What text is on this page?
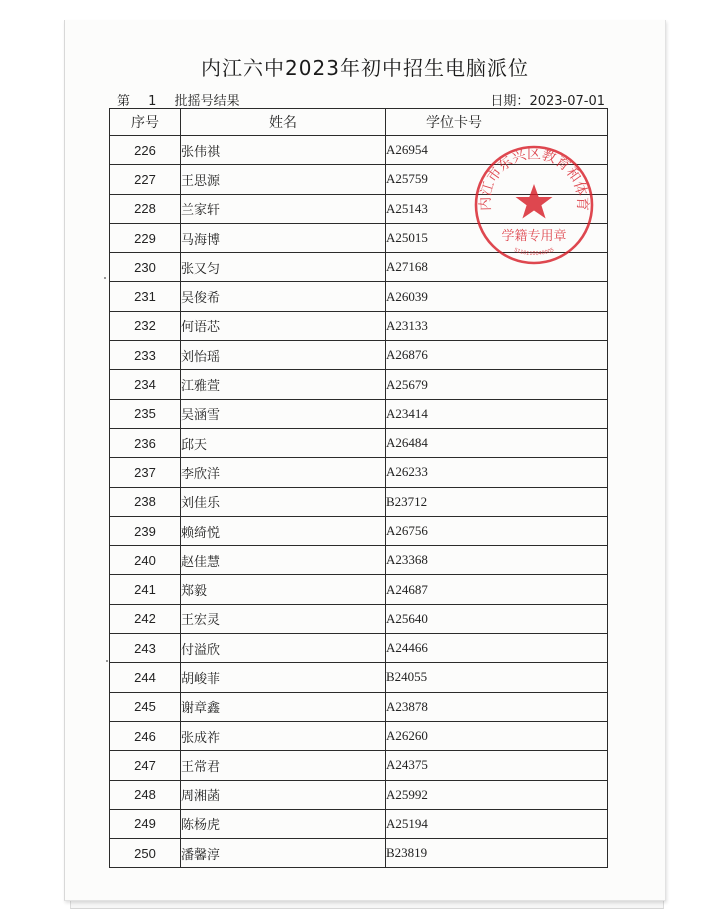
内江六中2023年初中招生电脑派位
第 1 批摇号结果	日期：2023-07-01
序号	姓名	学位卡号
226	张伟祺	A26954
227	王思源	A25759
228	兰家轩	A25143
229	马海博	A25015
230	张又匀	A27168
231	吴俊希	A26039
232	何语芯	A23133
233	刘怡瑶	A26876
234	江雅萱	A25679
235	吴涵雪	A23414
236	邱天	A26484
237	李欣洋	A26233
238	刘佳乐	B23712
239	赖绮悦	A26756
240	赵佳慧	A23368
241	郑毅	A24687
242	王宏灵	A25640
243	付溢欣	A24466
244	胡峻菲	B24055
245	谢章鑫	A23878
246	张成祚	A26260
247	王常君	A24375
248	周湘菡	A25992
249	陈杨虎	A25194
250	潘馨淳	B23819
内江市东兴区教育和体育
学籍专用章
5110110040005
